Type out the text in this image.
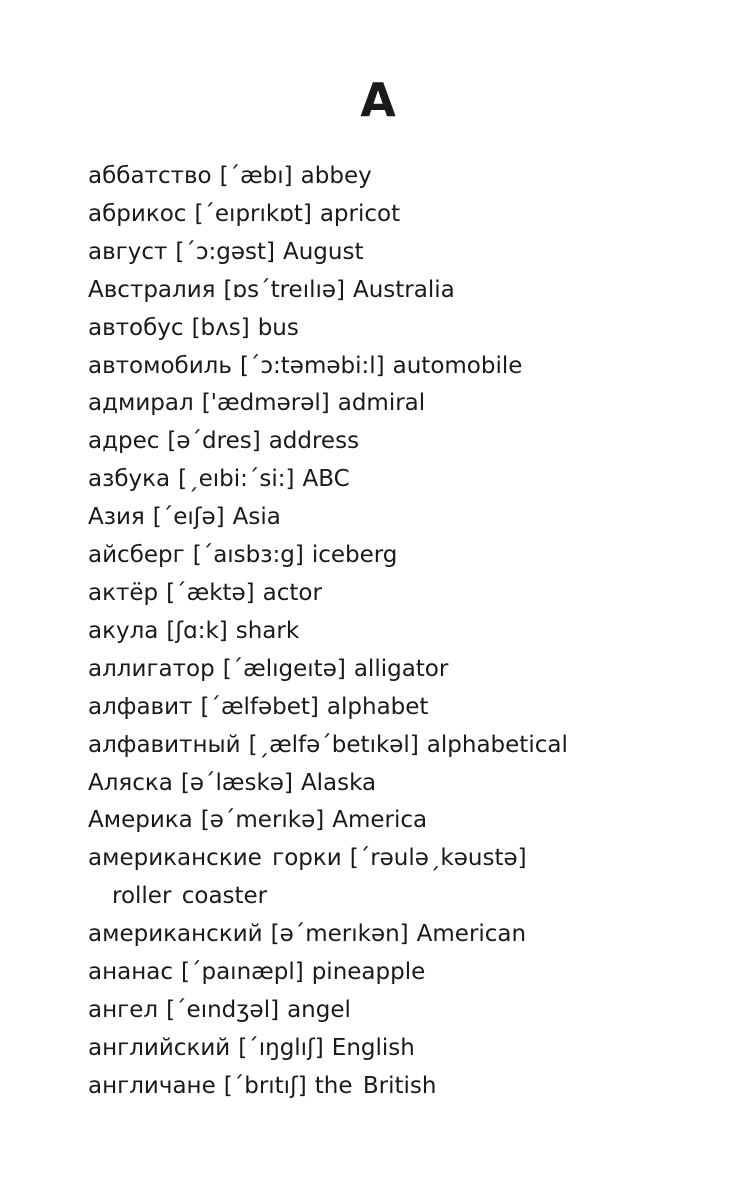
A
аббатство [΄æbı] abbey
абрикос [΄eıprıkɒt] apricot
август [΄ɔ:gəst] August
Австралия [ɒs΄treılıə] Australia
автобус [bʌs] bus
автомобиль [΄ɔ:təməbi:l] automobile
адмирал ['ædmərəl] admiral
адрес [ə΄dres] address
азбука [ˏeıbi:΄si:] ABC
Азия [΄eıʃə] Asia
айсберг [΄aısbɜ:g] iceberg
актёр [΄æktə] actor
акула [ʃɑ:k] shark
аллигатор [΄ælıgeıtə] alligator
алфавит [΄ælfəbet] alphabet
алфавитный [ˏælfə΄betıkəl] alphabetical
Аляска [ə΄læskə] Alaska
Америка [ə΄merıkə] America
американские горки [΄rəuləˏkəustə]
roller coaster
американский [ə΄merıkən] American
ананас [΄paınæpl] pineapple
ангел [΄eındʒəl] angel
английский [΄ıŋglıʃ] English
англичане [΄brıtıʃ] the British
